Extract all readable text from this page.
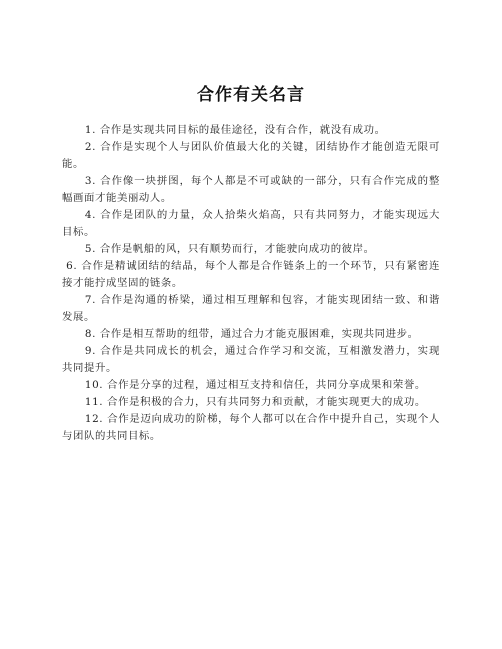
合作有关名言

1. 合作是实现共同目标的最佳途径，没有合作，就没有成功。

2. 合作是实现个人与团队价值最大化的关键，团结协作才能创造无限可能。

3. 合作像一块拼图，每个人都是不可或缺的一部分，只有合作完成的整幅画面才能美丽动人。

4. 合作是团队的力量，众人拾柴火焰高，只有共同努力，才能实现远大目标。

5. 合作是帆船的风，只有顺势而行，才能驶向成功的彼岸。

6. 合作是精诚团结的结晶，每个人都是合作链条上的一个环节，只有紧密连接才能拧成坚固的链条。

7. 合作是沟通的桥梁，通过相互理解和包容，才能实现团结一致、和谐发展。

8. 合作是相互帮助的纽带，通过合力才能克服困难，实现共同进步。

9. 合作是共同成长的机会，通过合作学习和交流，互相激发潜力，实现共同提升。

10. 合作是分享的过程，通过相互支持和信任，共同分享成果和荣誉。

11. 合作是积极的合力，只有共同努力和贡献，才能实现更大的成功。

12. 合作是迈向成功的阶梯，每个人都可以在合作中提升自己，实现个人与团队的共同目标。
